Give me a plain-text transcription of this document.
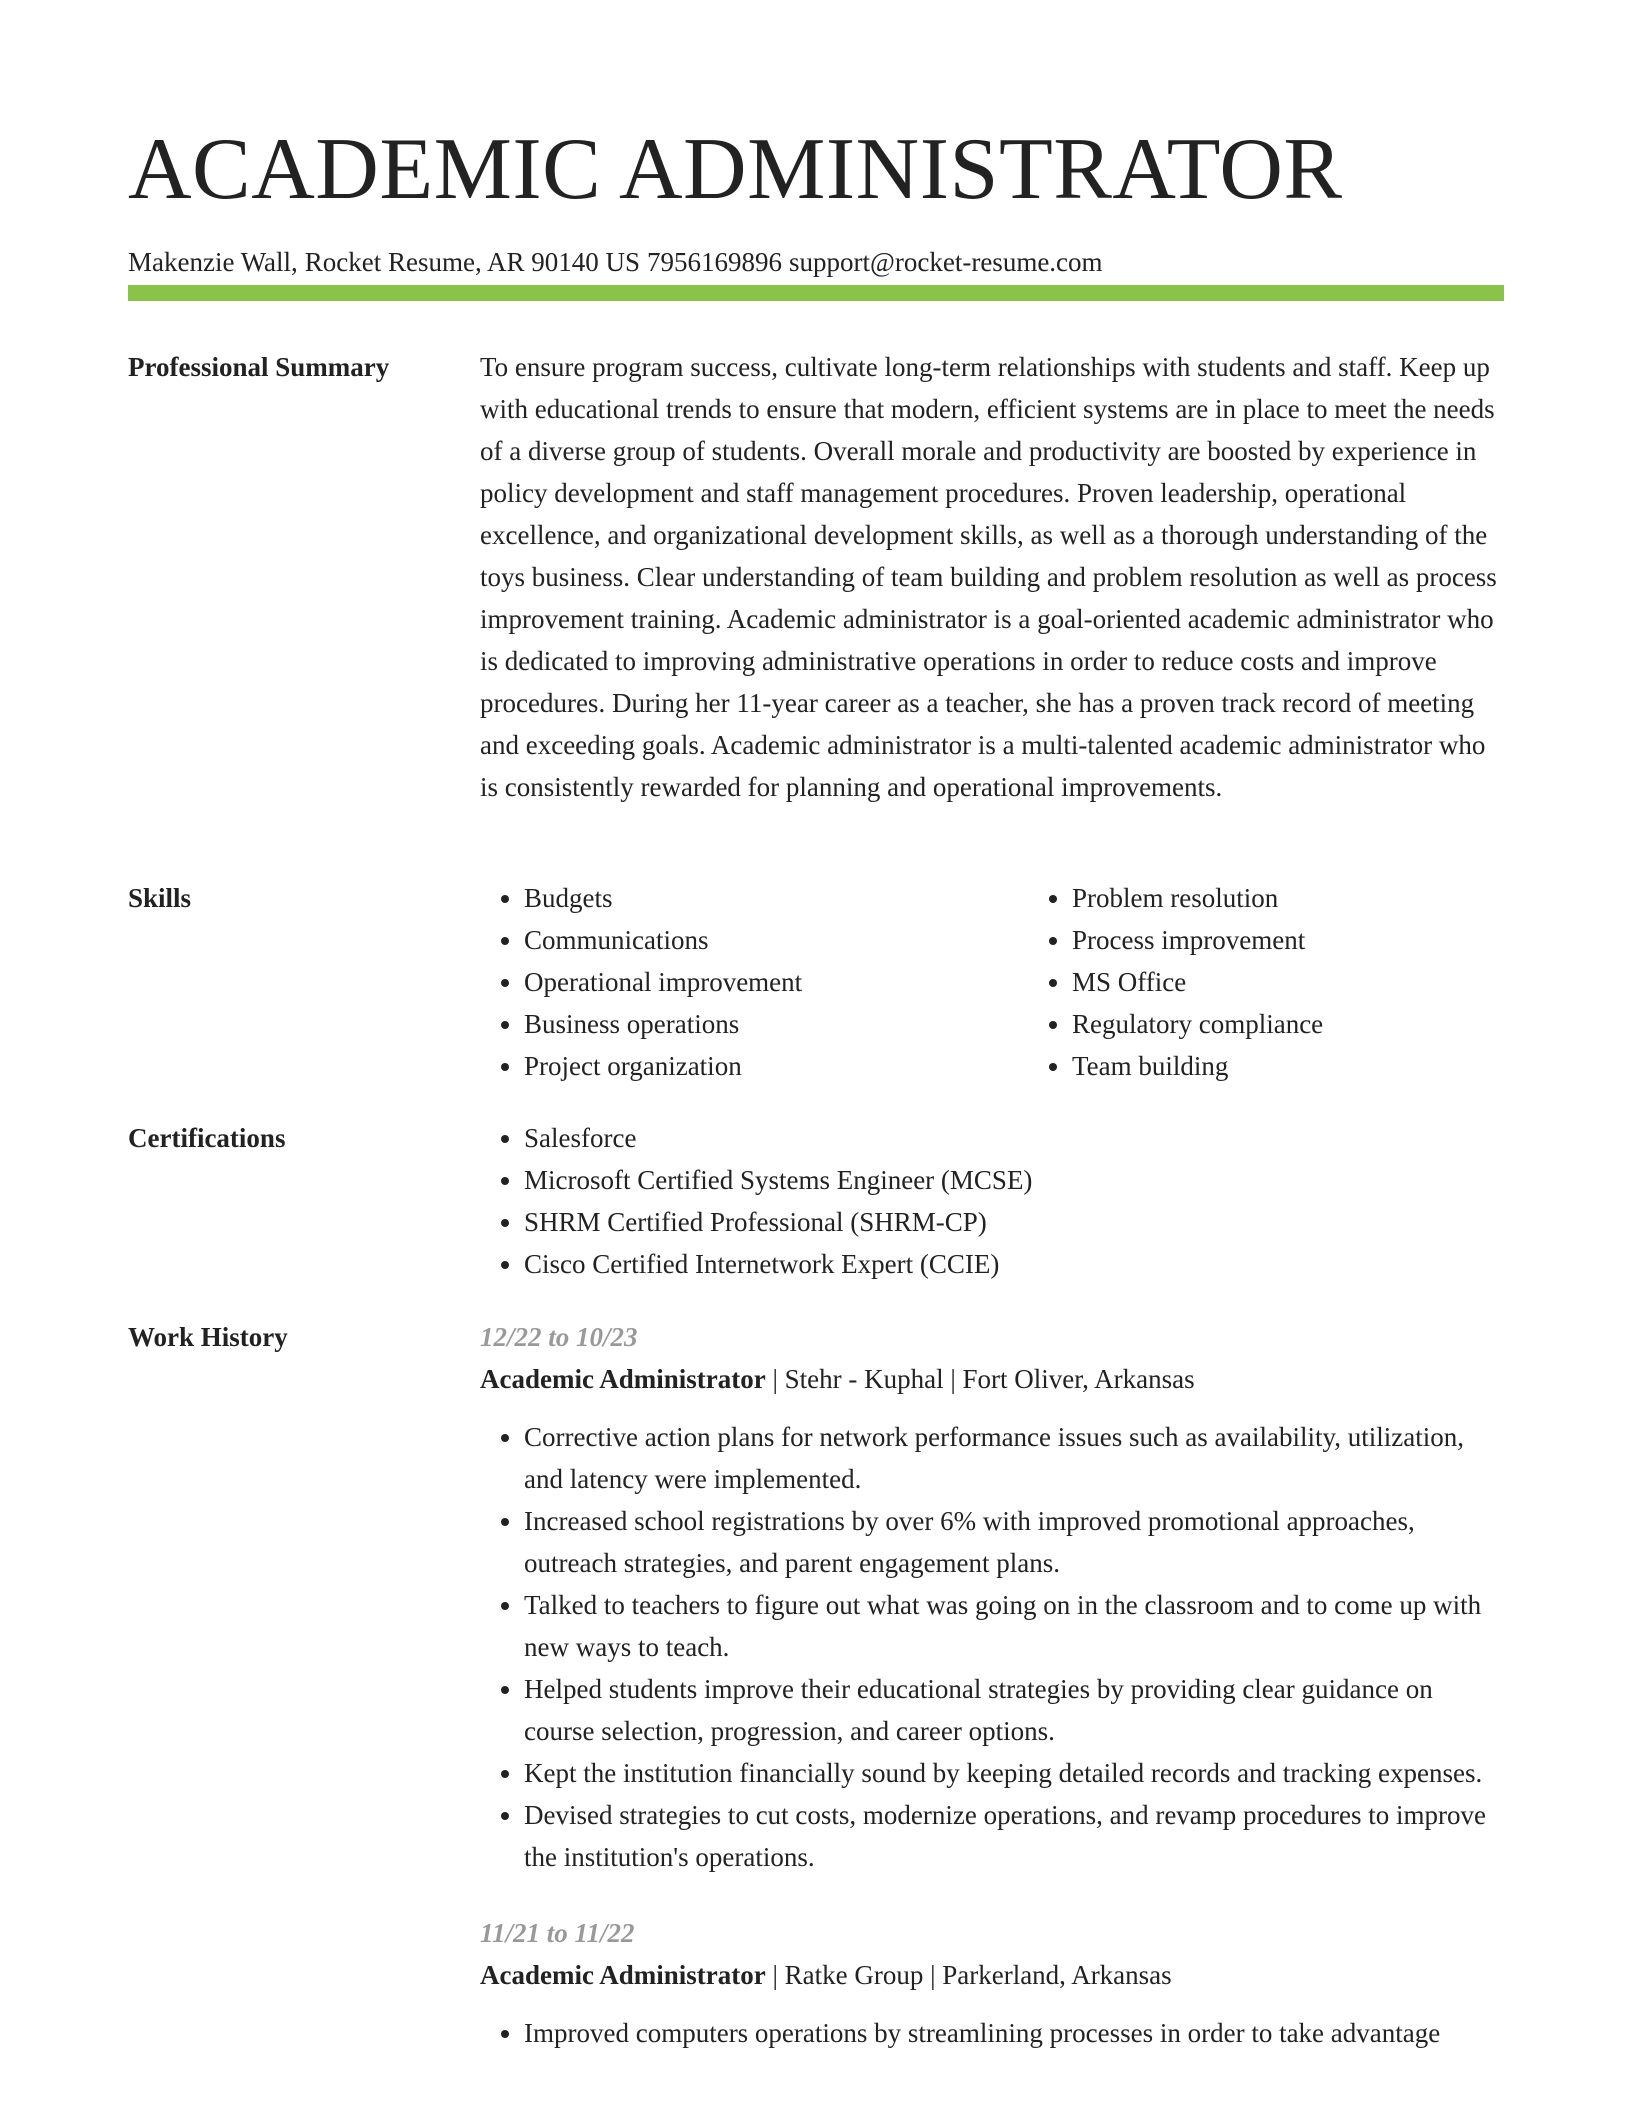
ACADEMIC ADMINISTRATOR
Makenzie Wall, Rocket Resume, AR 90140 US 7956169896 support@rocket-resume.com
Professional Summary	To ensure program success, cultivate long-term relationships with students and staff. Keep up with educational trends to ensure that modern, efficient systems are in place to meet the needs of a diverse group of students. Overall morale and productivity are boosted by experience in policy development and staff management procedures. Proven leadership, operational excellence, and organizational development skills, as well as a thorough understanding of the toys business. Clear understanding of team building and problem resolution as well as process improvement training. Academic administrator is a goal-oriented academic administrator who is dedicated to improving administrative operations in order to reduce costs and improve procedures. During her 11-year career as a teacher, she has a proven track record of meeting and exceeding goals. Academic administrator is a multi-talented academic administrator who is consistently rewarded for planning and operational improvements.

Skills	• Budgets
• Communications
• Operational improvement
• Business operations
• Project organization
• Problem resolution
• Process improvement
• MS Office
• Regulatory compliance
• Team building
Certifications	• Salesforce
• Microsoft Certified Systems Engineer (MCSE)
• SHRM Certified Professional (SHRM-CP)
• Cisco Certified Internetwork Expert (CCIE)
Work History	12/22 to 10/23
Academic Administrator | Stehr - Kuphal | Fort Oliver, Arkansas
• Corrective action plans for network performance issues such as availability, utilization, and latency were implemented.
• Increased school registrations by over 6% with improved promotional approaches, outreach strategies, and parent engagement plans.
• Talked to teachers to figure out what was going on in the classroom and to come up with new ways to teach.
• Helped students improve their educational strategies by providing clear guidance on course selection, progression, and career options.
• Kept the institution financially sound by keeping detailed records and tracking expenses.
• Devised strategies to cut costs, modernize operations, and revamp procedures to improve the institution's operations.
11/21 to 11/22
Academic Administrator | Ratke Group | Parkerland, Arkansas
• Improved computers operations by streamlining processes in order to take advantage
